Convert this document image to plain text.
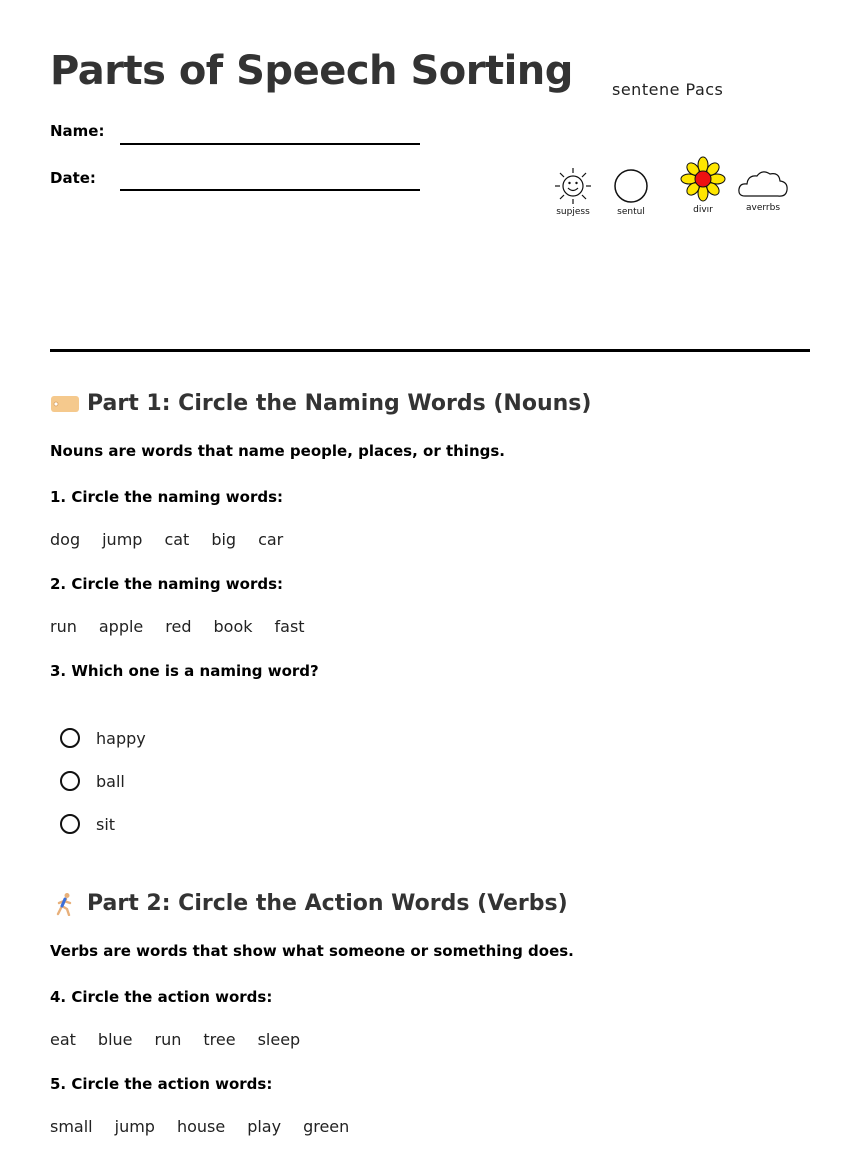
Parts of Speech Sorting
Name:
Date:
sentene Pacs
supjess	sentul	divır	averrbs
Part 1: Circle the Naming Words (Nouns)

Nouns are words that name people, places, or things.

1. Circle the naming words:

dog jump cat big car

2. Circle the naming words:

run apple red book fast

3. Which one is a naming word?

happy
ball
sit
Part 2: Circle the Action Words (Verbs)

Verbs are words that show what someone or something does.

4. Circle the action words:

eat blue run tree sleep

5. Circle the action words:

small jump house play green
